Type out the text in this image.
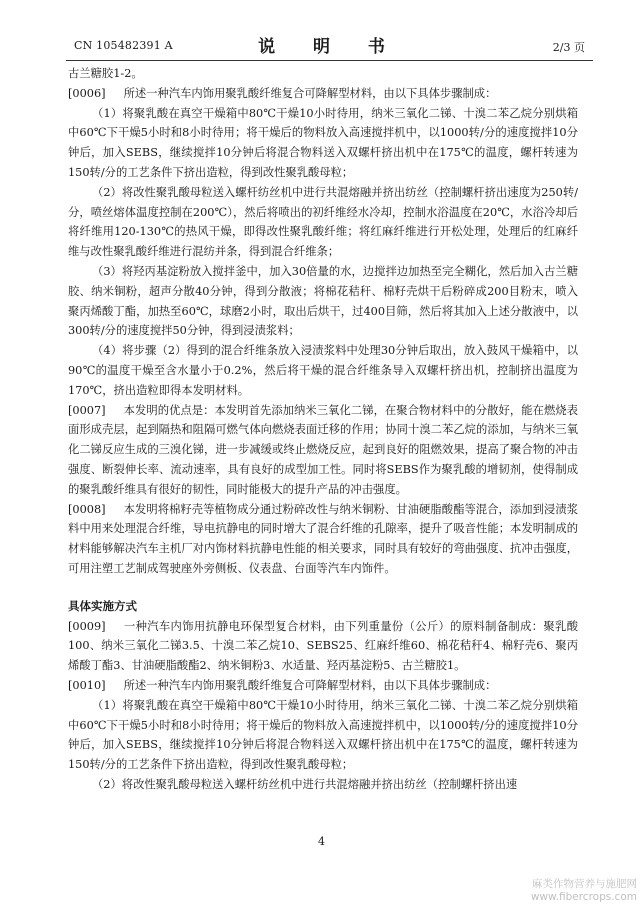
CN 105482391 A	说 明 书	2/3 页

古兰糖胶1-2。

[0006] 所述一种汽车内饰用聚乳酸纤维复合可降解型材料，由以下具体步骤制成：

（1）将聚乳酸在真空干燥箱中80℃干燥10小时待用，纳米三氧化二锑、十溴二苯乙烷分别烘箱中60℃下干燥5小时和8小时待用；将干燥后的物料放入高速搅拌机中，以1000转/分的速度搅拌10分钟后，加入SEBS，继续搅拌10分钟后将混合物料送入双螺杆挤出机中在175℃的温度，螺杆转速为150转/分的工艺条件下挤出造粒，得到改性聚乳酸母粒；

（2）将改性聚乳酸母粒送入螺杆纺丝机中进行共混熔融并挤出纺丝（控制螺杆挤出速度为250转/分，喷丝熔体温度控制在200℃），然后将喷出的初纤维经水冷却，控制水浴温度在20℃，水浴冷却后将纤维用120-130℃的热风干燥，即得改性聚乳酸纤维；将红麻纤维进行开松处理，处理后的红麻纤维与改性聚乳酸纤维进行混纺并条，得到混合纤维条；

（3）将羟丙基淀粉放入搅拌釜中，加入30倍量的水，边搅拌边加热至完全糊化，然后加入古兰糖胶、纳米铜粉，超声分散40分钟，得到分散液；将棉花秸秆、棉籽壳烘干后粉碎成200目粉末，喷入聚丙烯酸丁酯，加热至60℃，球磨2小时，取出后烘干，过400目筛，然后将其加入上述分散液中，以300转/分的速度搅拌50分钟，得到浸渍浆料；

（4）将步骤（2）得到的混合纤维条放入浸渍浆料中处理30分钟后取出，放入鼓风干燥箱中，以90℃的温度干燥至含水量小于0.2%，然后将干燥的混合纤维条导入双螺杆挤出机，控制挤出温度为170℃，挤出造粒即得本发明材料。

[0007] 本发明的优点是：本发明首先添加纳米三氧化二锑，在聚合物材料中的分散好，能在燃烧表面形成壳层，起到隔热和阻隔可燃气体向燃烧表面迁移的作用；协同十溴二苯乙烷的添加，与纳米三氧化二锑反应生成的三溴化锑，进一步减缓或终止燃烧反应，起到良好的阻燃效果，提高了聚合物的冲击强度、断裂伸长率、流动速率，具有良好的成型加工性。同时将SEBS作为聚乳酸的增韧剂，使得制成的聚乳酸纤维具有很好的韧性，同时能极大的提升产品的冲击强度。

[0008] 本发明将棉籽壳等植物成分通过粉碎改性与纳米铜粉、甘油硬脂酸酯等混合，添加到浸渍浆料中用来处理混合纤维，导电抗静电的同时增大了混合纤维的孔隙率，提升了吸音性能；本发明制成的材料能够解决汽车主机厂对内饰材料抗静电性能的相关要求，同时具有较好的弯曲强度、抗冲击强度，可用注塑工艺制成驾驶座外旁侧板、仪表盘、台面等汽车内饰件。

具体实施方式

[0009] 一种汽车内饰用抗静电环保型复合材料，由下列重量份（公斤）的原料制备制成：聚乳酸100、纳米三氧化二锑3.5、十溴二苯乙烷10、SEBS25、红麻纤维60、棉花秸秆4、棉籽壳6、聚丙烯酸丁酯3、甘油硬脂酸酯2、纳米铜粉3、水适量、羟丙基淀粉5、古兰糖胶1。

[0010] 所述一种汽车内饰用聚乳酸纤维复合可降解型材料，由以下具体步骤制成：

（1）将聚乳酸在真空干燥箱中80℃干燥10小时待用，纳米三氧化二锑、十溴二苯乙烷分别烘箱中60℃下干燥5小时和8小时待用；将干燥后的物料放入高速搅拌机中，以1000转/分的速度搅拌10分钟后，加入SEBS，继续搅拌10分钟后将混合物料送入双螺杆挤出机中在175℃的温度，螺杆转速为150转/分的工艺条件下挤出造粒，得到改性聚乳酸母粒；

（2）将改性聚乳酸母粒送入螺杆纺丝机中进行共混熔融并挤出纺丝（控制螺杆挤出速

4
麻类作物营养与施肥网
www.fibercrops.com
